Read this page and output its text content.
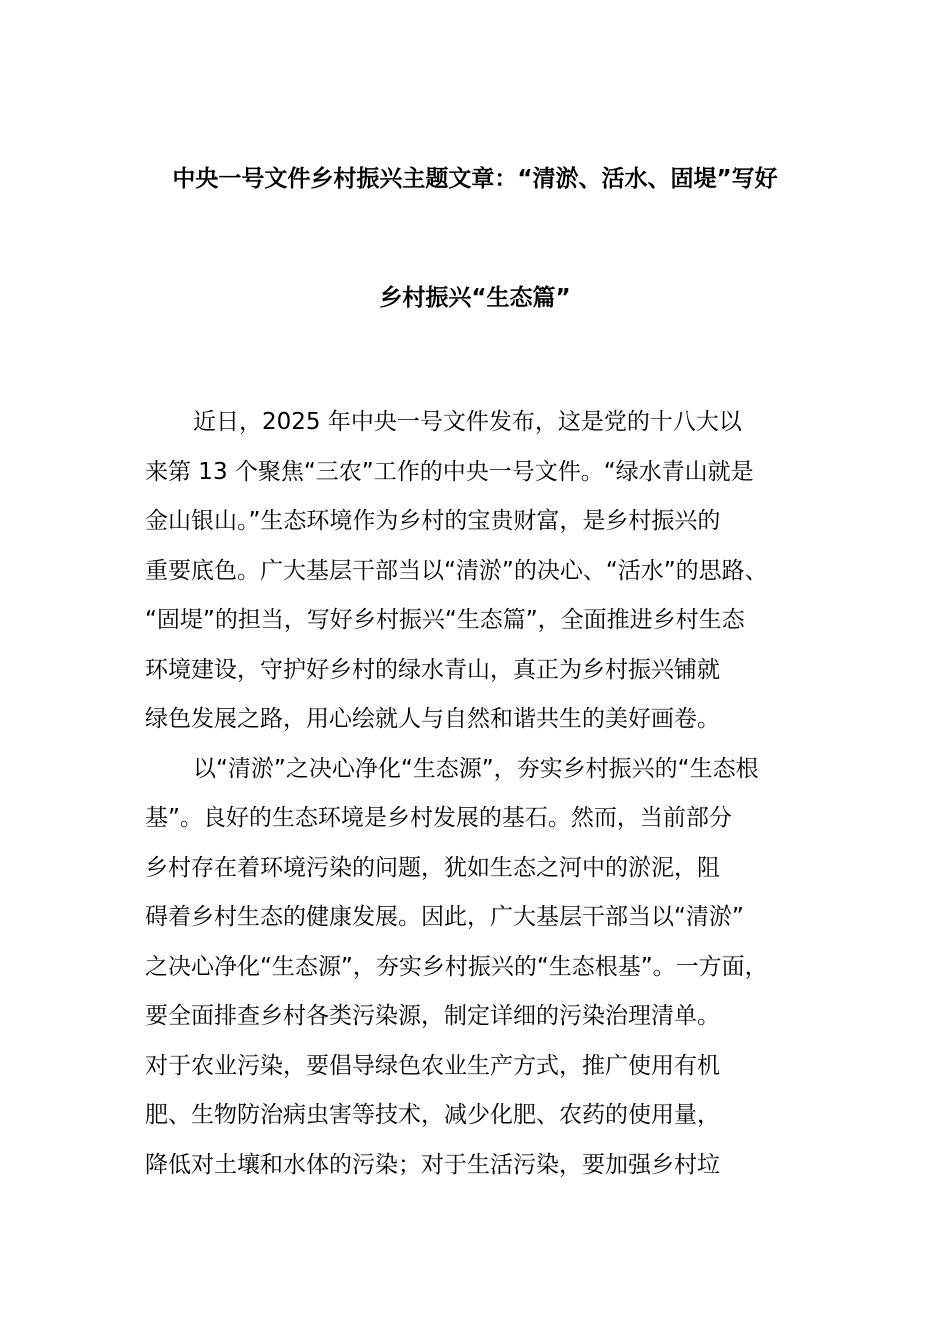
中央一号文件乡村振兴主题文章：“清淤、活水、固堤”写好
乡村振兴“生态篇”
近日，2025 年中央一号文件发布，这是党的十八大以
来第 13 个聚焦“三农”工作的中央一号文件。“绿水青山就是
金山银山。”生态环境作为乡村的宝贵财富，是乡村振兴的
重要底色。广大基层干部当以“清淤”的决心、“活水”的思路、
“固堤”的担当，写好乡村振兴“生态篇”，全面推进乡村生态
环境建设，守护好乡村的绿水青山，真正为乡村振兴铺就
绿色发展之路，用心绘就人与自然和谐共生的美好画卷。
以“清淤”之决心净化“生态源”，夯实乡村振兴的“生态根
基”。良好的生态环境是乡村发展的基石。然而，当前部分
乡村存在着环境污染的问题，犹如生态之河中的淤泥，阻
碍着乡村生态的健康发展。因此，广大基层干部当以“清淤”
之决心净化“生态源”，夯实乡村振兴的“生态根基”。一方面，
要全面排查乡村各类污染源，制定详细的污染治理清单。
对于农业污染，要倡导绿色农业生产方式，推广使用有机
肥、生物防治病虫害等技术，减少化肥、农药的使用量，
降低对土壤和水体的污染；对于生活污染，要加强乡村垃
